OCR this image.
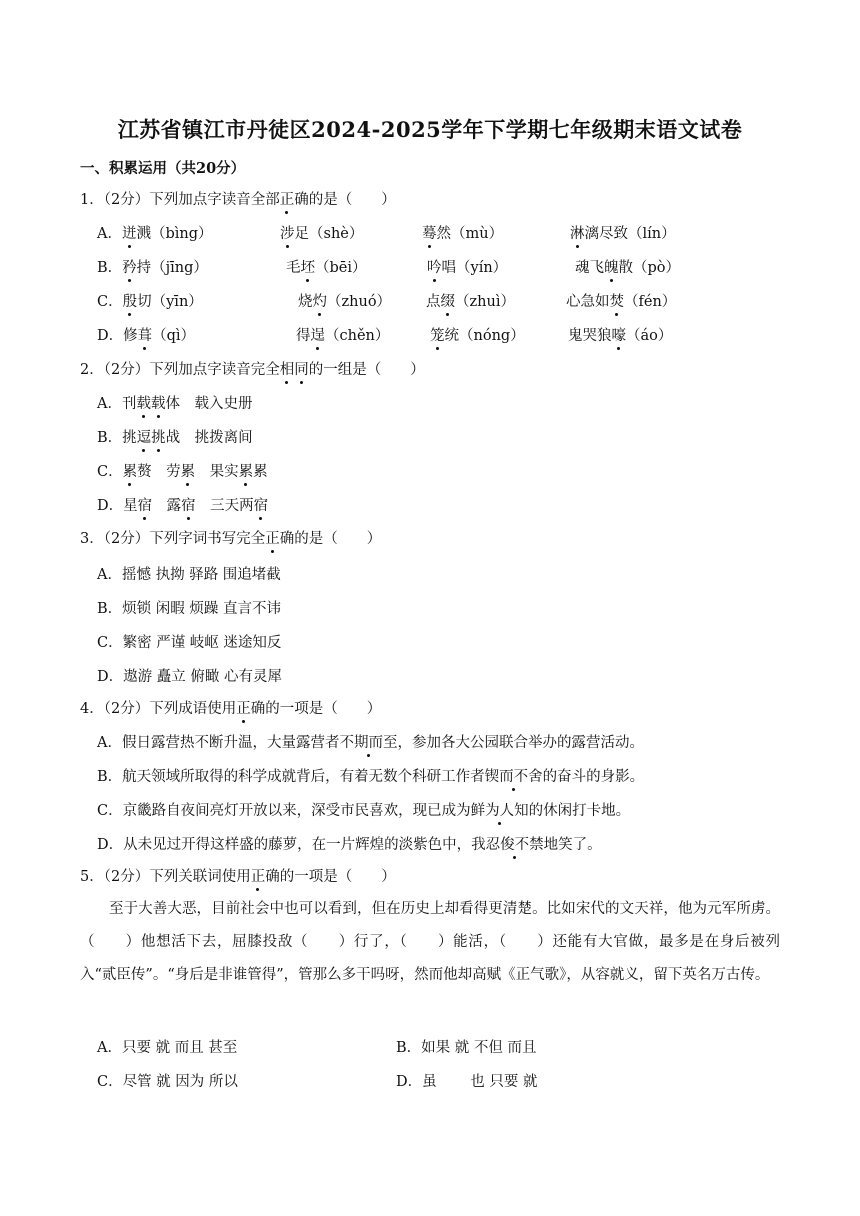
江苏省镇江市丹徒区2024-2025学年下学期七年级期末语文试卷
一、积累运用（共20分）
1．（2分）下列加点字读音全部正确的是（　　）
A．迸溅（bìng）	涉足（shè）	蓦然（mù）	淋漓尽致（lín）
B．矜持（jīng）	毛坯（bēi）	吟唱（yín）	魂飞魄散（pò）
C．殷切（yīn）	烧灼（zhuó） 点缀（zhuì）	心急如焚（fén）
D．修葺（qì）	得逞（chěn）	笼统（nóng）	鬼哭狼嚎（áo）
2．（2分）下列加点字读音完全相同的一组是（　　）
A．刊载载体　载入史册
B．挑逗挑战　挑拨离间
C．累赘　劳累　果实累累
D．星宿　露宿　三天两宿
3．（2分）下列字词书写完全正确的是（　　）
A．摇憾 执拗 驿路 围追堵截
B．烦锁 闲暇 烦躁 直言不讳
C．繁密 严谨 岐岖 迷途知反
D．遨游 矗立 俯瞰 心有灵犀
4．（2分）下列成语使用正确的一项是（　　）
A．假日露营热不断升温，大量露营者不期而至，参加各大公园联合举办的露营活动。
B．航天领域所取得的科学成就背后，有着无数个科研工作者锲而不舍的奋斗的身影。
C．京畿路自夜间亮灯开放以来，深受市民喜欢，现已成为鲜为人知的休闲打卡地。
D．从未见过开得这样盛的藤萝，在一片辉煌的淡紫色中，我忍俊不禁地笑了。
5．（2分）下列关联词使用正确的一项是（　　）
至于大善大恶，目前社会中也可以看到，但在历史上却看得更清楚。比如宋代的文天祥，他为元军所虏。（　　）他想活下去，屈膝投敌（　　）行了，（　　）能活，（　　）还能有大官做，最多是在身后被列入“贰臣传”。“身后是非谁管得”，管那么多干吗呀，然而他却高赋《正气歌》，从容就义，留下英名万古传。
A．只要 就 而且 甚至	B．如果 就 不但 而且
C．尽管 就 因为 所以	D．虽　　 也 只要 就
